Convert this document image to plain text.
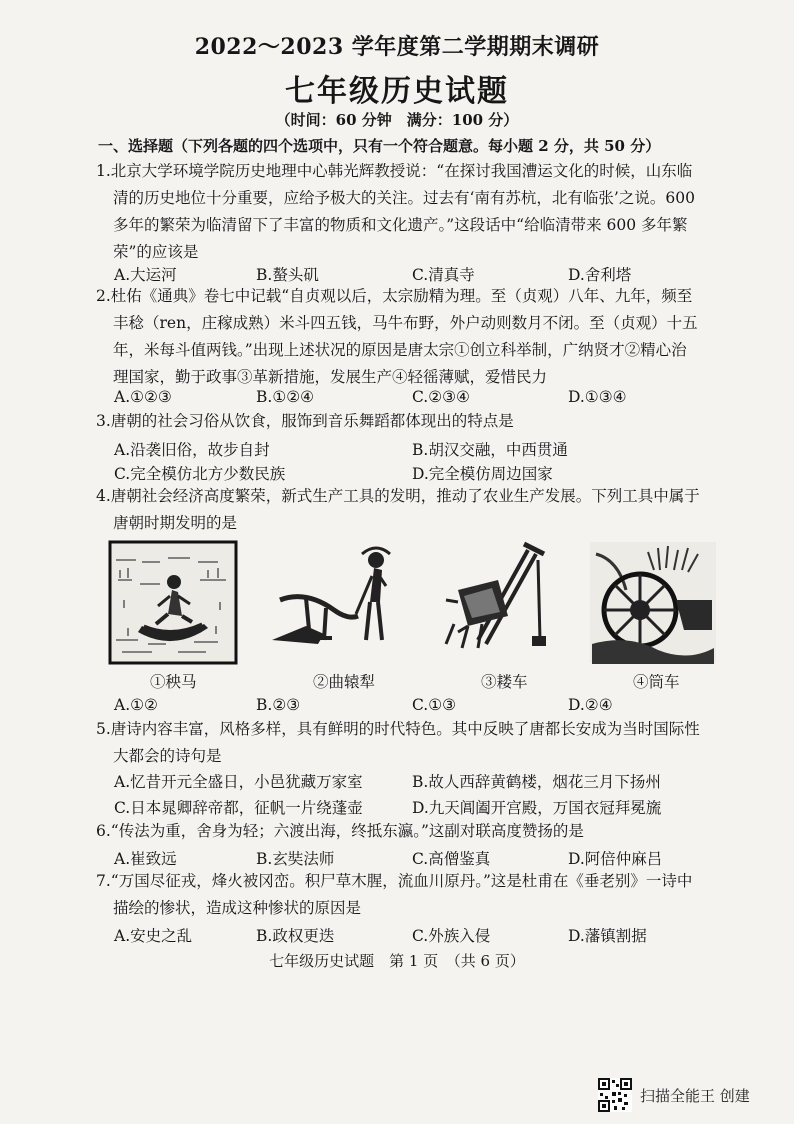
2022～2023 学年度第二学期期末调研
七年级历史试题
（时间：60 分钟　满分：100 分）
一、选择题（下列各题的四个选项中，只有一个符合题意。每小题 2 分，共 50 分）

1.北京大学环境学院历史地理中心韩光辉教授说：“在探讨我国漕运文化的时候，山东临

清的历史地位十分重要，应给予极大的关注。过去有‘南有苏杭，北有临张’之说。600

多年的繁荣为临清留下了丰富的物质和文化遗产。”这段话中“给临清带来 600 多年繁

荣”的应该是

A.大运河	B.螯头矶	C.清真寺	D.舍利塔

2.杜佑《通典》卷七中记载“自贞观以后，太宗励精为理。至（贞观）八年、九年，频至

丰稔（ren，庄稼成熟）米斗四五钱，马牛布野，外户动则数月不闭。至（贞观）十五

年，米每斗值两钱。”出现上述状况的原因是唐太宗①创立科举制，广纳贤才②精心治

理国家，勤于政事③革新措施，发展生产④轻徭薄赋，爱惜民力

A.①②③	B.①②④	C.②③④	D.①③④

3.唐朝的社会习俗从饮食，服饰到音乐舞蹈都体现出的特点是

A.沿袭旧俗，故步自封	B.胡汉交融，中西贯通
C.完全模仿北方少数民族	D.完全模仿周边国家

4.唐朝社会经济高度繁荣，新式生产工具的发明，推动了农业生产发展。下列工具中属于

唐朝时期发明的是

①秧马	②曲辕犁	③耧车	④筒车
A.①②	B.②③	C.①③	D.②④

5.唐诗内容丰富，风格多样，具有鲜明的时代特色。其中反映了唐都长安成为当时国际性

大都会的诗句是

A.忆昔开元全盛日，小邑犹藏万家室	B.故人西辞黄鹤楼，烟花三月下扬州
C.日本晁卿辞帝都，征帆一片绕蓬壶	D.九天阊阖开宫殿，万国衣冠拜冕旒

6.“传法为重，舍身为轻；六渡出海，终抵东瀛。”这副对联高度赞扬的是

A.崔致远	B.玄奘法师	C.高僧鉴真	D.阿倍仲麻吕

7.“万国尽征戎，烽火被冈峦。积尸草木腥，流血川原丹。”这是杜甫在《垂老别》一诗中

描绘的惨状，造成这种惨状的原因是

A.安史之乱	B.政权更迭	C.外族入侵	D.藩镇割据
七年级历史试题　第 1 页　（共 6 页）
扫描全能王 创建
